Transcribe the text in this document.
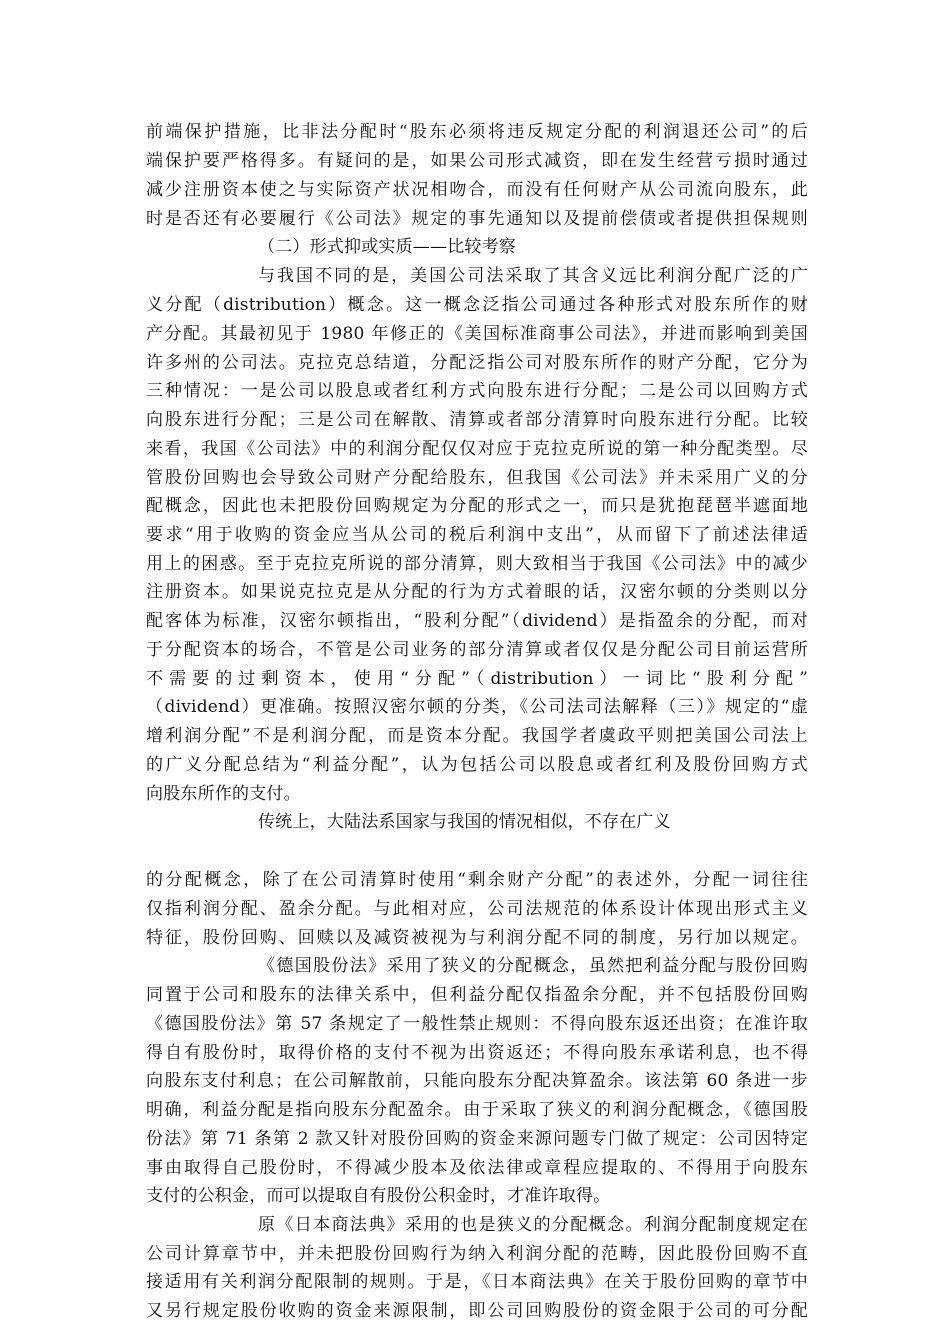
前端保护措施，比非法分配时“股东必须将违反规定分配的利润退还公司”的后
端保护要严格得多。有疑问的是，如果公司形式减资，即在发生经营亏损时通过
减少注册资本使之与实际资产状况相吻合，而没有任何财产从公司流向股东，此
时是否还有必要履行《公司法》规定的事先通知以及提前偿债或者提供担保规则
（二）形式抑或实质——比较考察
与我国不同的是，美国公司法采取了其含义远比利润分配广泛的广
义分配（distribution）概念。这一概念泛指公司通过各种形式对股东所作的财
产分配。其最初见于 1980 年修正的《美国标准商事公司法》，并进而影响到美国
许多州的公司法。克拉克总结道，分配泛指公司对股东所作的财产分配，它分为
三种情况：一是公司以股息或者红利方式向股东进行分配；二是公司以回购方式
向股东进行分配；三是公司在解散、清算或者部分清算时向股东进行分配。比较
来看，我国《公司法》中的利润分配仅仅对应于克拉克所说的第一种分配类型。尽
管股份回购也会导致公司财产分配给股东，但我国《公司法》并未采用广义的分
配概念，因此也未把股份回购规定为分配的形式之一，而只是犹抱琵琶半遮面地
要求“用于收购的资金应当从公司的税后利润中支出”，从而留下了前述法律适
用上的困惑。至于克拉克所说的部分清算，则大致相当于我国《公司法》中的减少
注册资本。如果说克拉克是从分配的行为方式着眼的话，汉密尔顿的分类则以分
配客体为标准，汉密尔顿指出，“股利分配”（dividend）是指盈余的分配，而对
于分配资本的场合，不管是公司业务的部分清算或者仅仅是分配公司目前运营所
不需要的过剩资本，使用“分配”（distribution）一词比“股利分配”
（dividend）更准确。按照汉密尔顿的分类，《公司法司法解释（三）》规定的“虚
增利润分配”不是利润分配，而是资本分配。我国学者虞政平则把美国公司法上
的广义分配总结为“利益分配”，认为包括公司以股息或者红利及股份回购方式
向股东所作的支付。
传统上，大陆法系国家与我国的情况相似，不存在广义
的分配概念，除了在公司清算时使用“剩余财产分配”的表述外，分配一词往往
仅指利润分配、盈余分配。与此相对应，公司法规范的体系设计体现出形式主义
特征，股份回购、回赎以及减资被视为与利润分配不同的制度，另行加以规定。
《德国股份法》采用了狭义的分配概念，虽然把利益分配与股份回购
同置于公司和股东的法律关系中，但利益分配仅指盈余分配，并不包括股份回购
《德国股份法》第 57 条规定了一般性禁止规则：不得向股东返还出资；在准许取
得自有股份时，取得价格的支付不视为出资返还；不得向股东承诺利息，也不得
向股东支付利息；在公司解散前，只能向股东分配决算盈余。该法第 60 条进一步
明确，利益分配是指向股东分配盈余。由于采取了狭义的利润分配概念，《德国股
份法》第 71 条第 2 款又针对股份回购的资金来源问题专门做了规定：公司因特定
事由取得自己股份时，不得减少股本及依法律或章程应提取的、不得用于向股东
支付的公积金，而可以提取自有股份公积金时，才准许取得。
原《日本商法典》采用的也是狭义的分配概念。利润分配制度规定在
公司计算章节中，并未把股份回购行为纳入利润分配的范畴，因此股份回购不直
接适用有关利润分配限制的规则。于是，《日本商法典》在关于股份回购的章节中
又另行规定股份收购的资金来源限制，即公司回购股份的资金限于公司的可分配
